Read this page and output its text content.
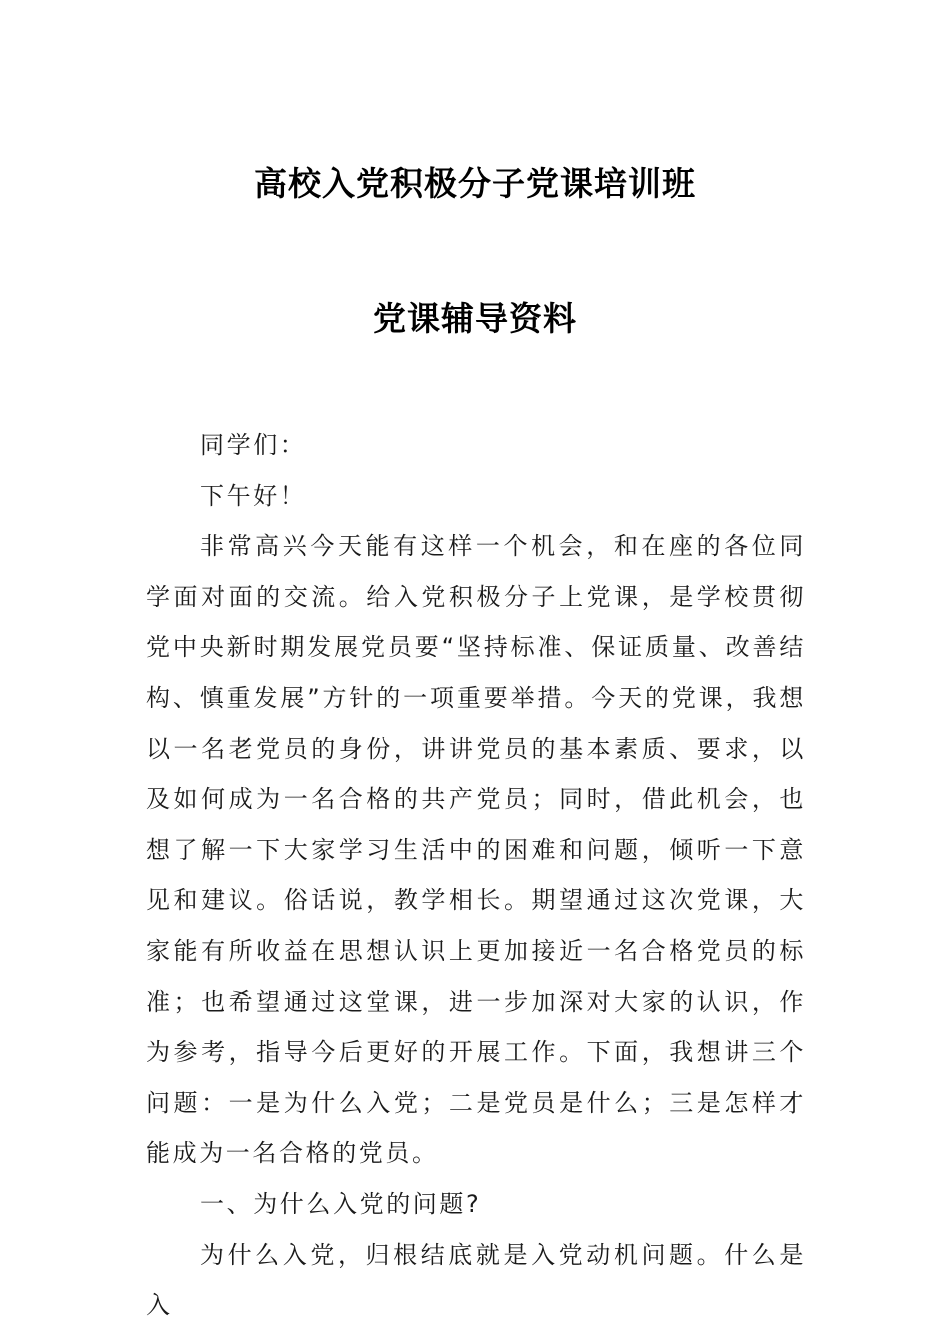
高校入党积极分子党课培训班
党课辅导资料

同学们：

下午好！

非常高兴今天能有这样一个机会，和在座的各位同学面对面的交流。给入党积极分子上党课，是学校贯彻党中央新时期发展党员要“坚持标准、保证质量、改善结构、慎重发展”方针的一项重要举措。今天的党课，我想以一名老党员的身份，讲讲党员的基本素质、要求，以及如何成为一名合格的共产党员；同时，借此机会，也想了解一下大家学习生活中的困难和问题，倾听一下意见和建议。俗话说，教学相长。期望通过这次党课，大家能有所收益在思想认识上更加接近一名合格党员的标准；也希望通过这堂课，进一步加深对大家的认识，作为参考，指导今后更好的开展工作。下面，我想讲三个问题：一是为什么入党；二是党员是什么；三是怎样才能成为一名合格的党员。

一、为什么入党的问题?

为什么入党，归根结底就是入党动机问题。什么是入
